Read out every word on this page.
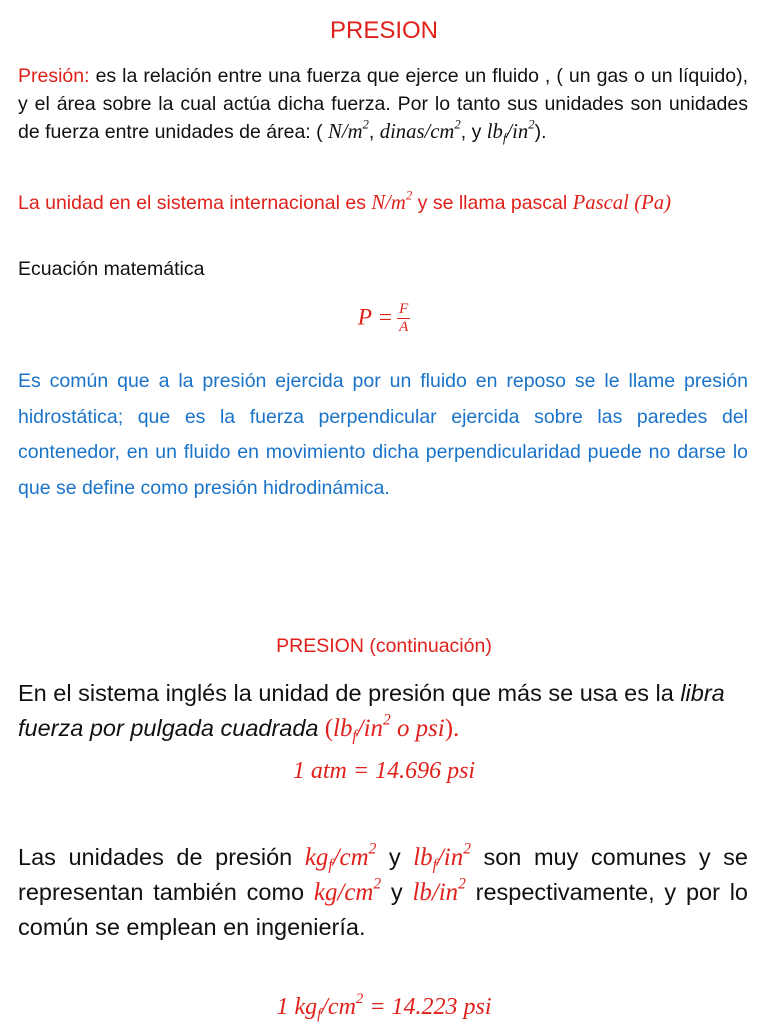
PRESION
Presión: es la relación entre una fuerza que ejerce un fluido , ( un gas o un líquido), y el área sobre la cual actúa dicha fuerza. Por lo tanto sus unidades son unidades de fuerza entre unidades de área: ( $N/m^2$, dinas/$cm^2$, y $lb_f/in^2$).
La unidad en el sistema internacional es $N/m^2$ y se llama pascal Pascal (Pa)
Ecuación matemática
$P = \frac{F}{A}$
Es común que a la presión ejercida por un fluido en reposo se le llame presión hidrostática; que es la fuerza perpendicular ejercida sobre las paredes del contenedor, en un fluido en movimiento dicha perpendicularidad puede no darse lo que se define como presión hidrodinámica.
PRESION (continuación)
En el sistema inglés la unidad de presión que más se usa es la libra fuerza por pulgada cuadrada ($lb_f/in^2$ o psi).
1 atm = 14.696 psi
Las unidades de presión $kg_f/cm^2$ y $lb_f/in^2$ son muy comunes y se representan también como $kg/cm^2$ y $lb/in^2$ respectivamente, y por lo común se emplean en ingeniería.
1 $kg_f/cm^2 = 14.223$ psi
